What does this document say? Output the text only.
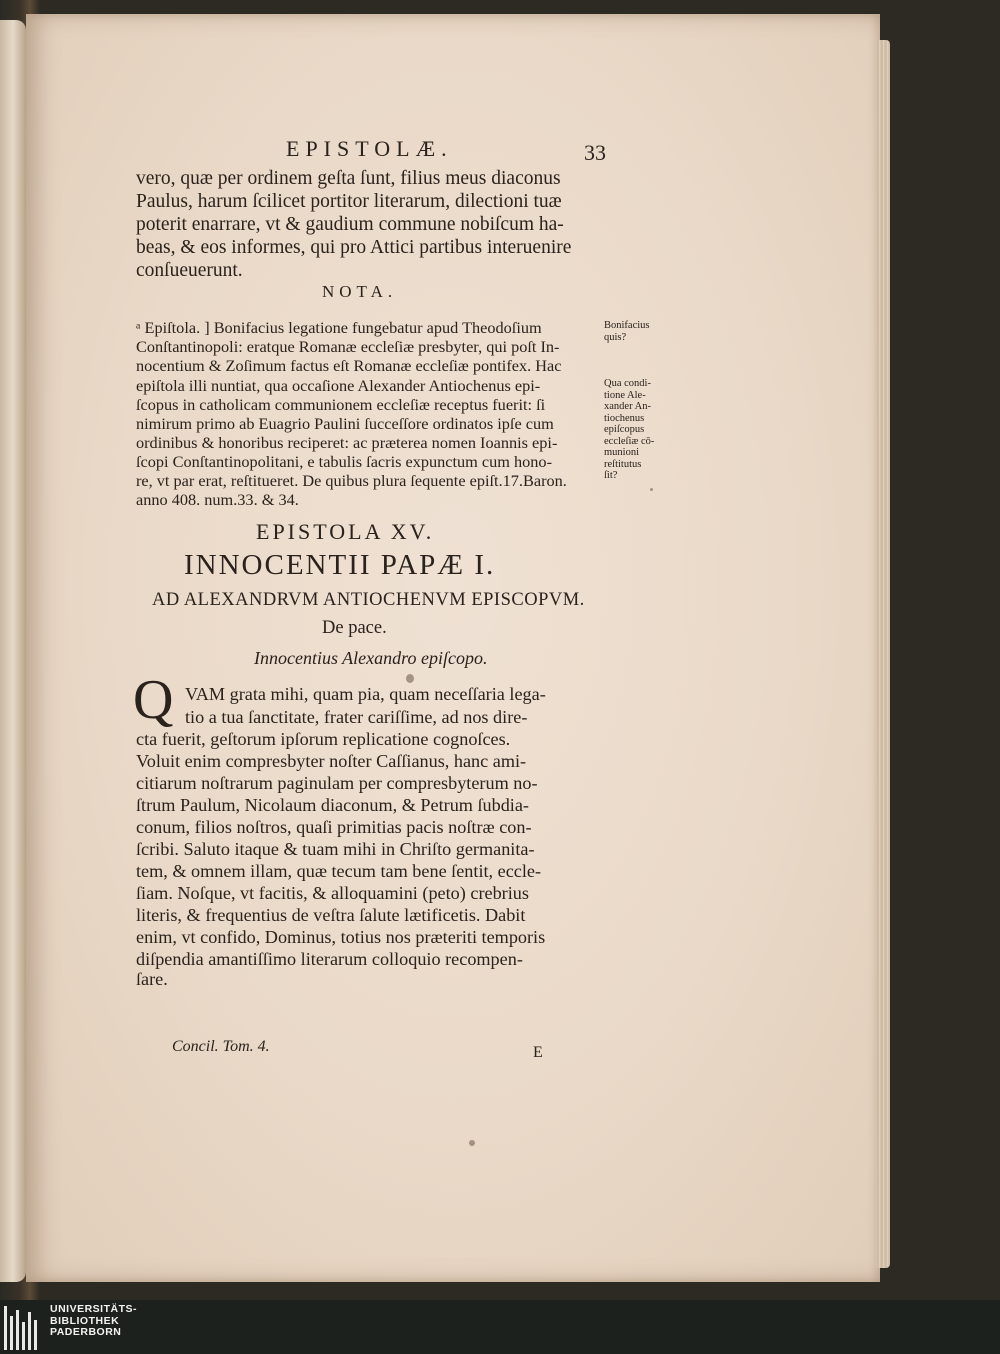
EPISTOLÆ.	33
vero, quæ per ordinem geſta ſunt, filius meus diaconus
Paulus, harum ſcilicet portitor literarum, dilectioni tuæ
poterit enarrare, vt & gaudium commune nobiſcum ha-
beas, & eos informes, qui pro Attici partibus interuenire
conſueuerunt.
NOTA.
ᵃ Epiſtola. ] Bonifacius legatione fungebatur apud Theodoſium
Conſtantinopoli: eratque Romanæ eccleſiæ presbyter, qui poſt In-
nocentium & Zoſimum factus eſt Romanæ eccleſiæ pontifex. Hac
epiſtola illi nuntiat, qua occaſione Alexander Antiochenus epi-
ſcopus in catholicam communionem eccleſiæ receptus fuerit: ſi
nimirum primo ab Euagrio Paulini ſucceſſore ordinatos ipſe cum
ordinibus & honoribus reciperet: ac præterea nomen Ioannis epi-
ſcopi Conſtantinopolitani, e tabulis ſacris expunctum cum hono-
re, vt par erat, reſtitueret. De quibus plura ſequente epiſt.17.Baron.
anno 408. num.33. & 34.
Bonifacius
quis?
Qua condi-
tione Ale-
xander An-
tiochenus
epiſcopus
eccleſiæ cō-
munioni
reſtitutus
ſit?
EPISTOLA XV.
INNOCENTII PAPÆ I.
AD ALEXANDRVM ANTIOCHENVM EPISCOPVM.
De pace.
Innocentius Alexandro epiſcopo.
Q VAM grata mihi, quam pia, quam neceſſaria lega-
tio a tua ſanctitate, frater cariſſime, ad nos dire-
cta fuerit, geſtorum ipſorum replicatione cognoſces.
Voluit enim compresbyter noſter Caſſianus, hanc ami-
citiarum noſtrarum paginulam per compresbyterum no-
ſtrum Paulum, Nicolaum diaconum, & Petrum ſubdia-
conum, filios noſtros, quaſi primitias pacis noſtræ con-
ſcribi. Saluto itaque & tuam mihi in Chriſto germanita-
tem, & omnem illam, quæ tecum tam bene ſentit, eccle-
ſiam. Noſque, vt facitis, & alloquamini (peto) crebrius
literis, & frequentius de veſtra ſalute lætificetis. Dabit
enim, vt confido, Dominus, totius nos præteriti temporis
diſpendia amantiſſimo literarum colloquio recompen-
ſare.
Concil. Tom. 4.	E
UNIVERSITÄTS-
BIBLIOTHEK
PADERBORN
